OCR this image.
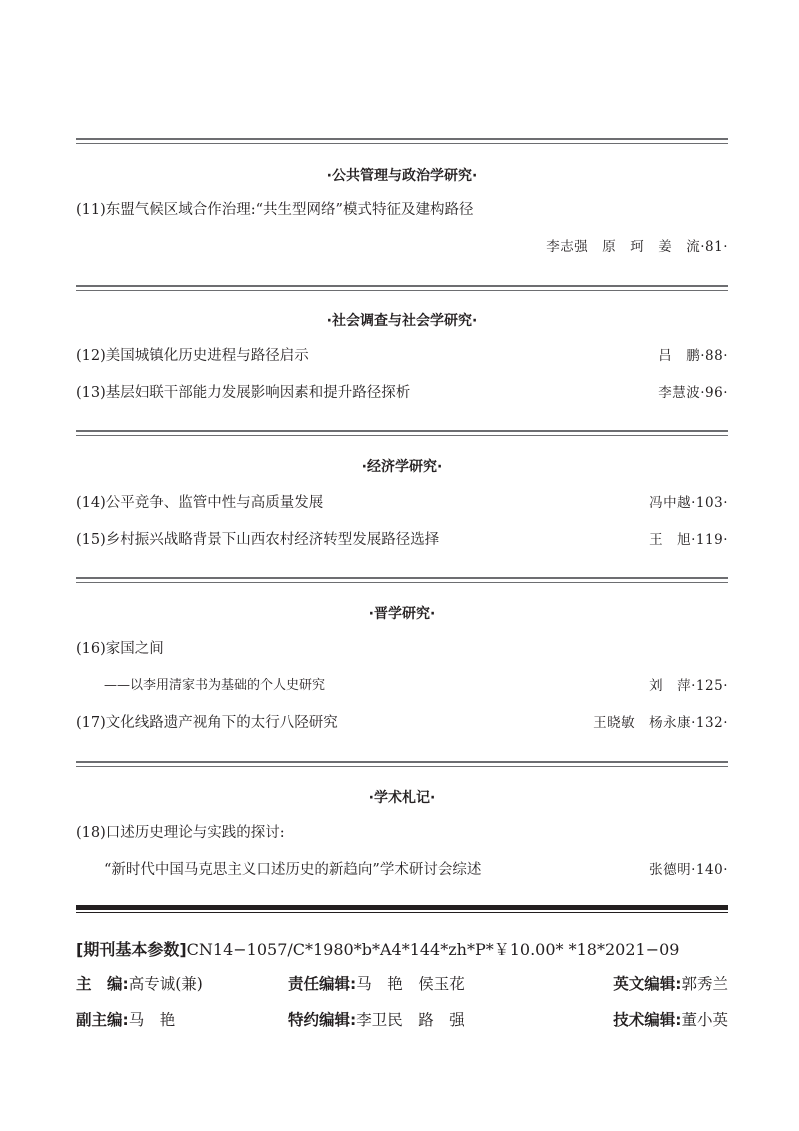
·公共管理与政治学研究·
(11)东盟气候区域合作治理:“共生型网络”模式特征及建构路径
李志强　原　珂　姜　流·81·
·社会调查与社会学研究·
(12)美国城镇化历史进程与路径启示	吕　鹏·88·
(13)基层妇联干部能力发展影响因素和提升路径探析	李慧波·96·
·经济学研究·
(14)公平竞争、监管中性与高质量发展	冯中越·103·
(15)乡村振兴战略背景下山西农村经济转型发展路径选择	王　旭·119·
·晋学研究·
(16)家国之间
——以李用清家书为基础的个人史研究	刘　萍·125·
(17)文化线路遗产视角下的太行八陉研究	王晓敏　杨永康·132·
·学术札记·
(18)口述历史理论与实践的探讨:
“新时代中国马克思主义口述历史的新趋向”学术研讨会综述	张德明·140·
[期刊基本参数]CN14−1057/C*1980*b*A4*144*zh*P*￥10.00* *18*2021−09
主　编:高专诚(兼)	责任编辑:马　艳　侯玉花	英文编辑:郭秀兰
副主编:马　艳	特约编辑:李卫民　路　强	技术编辑:董小英
